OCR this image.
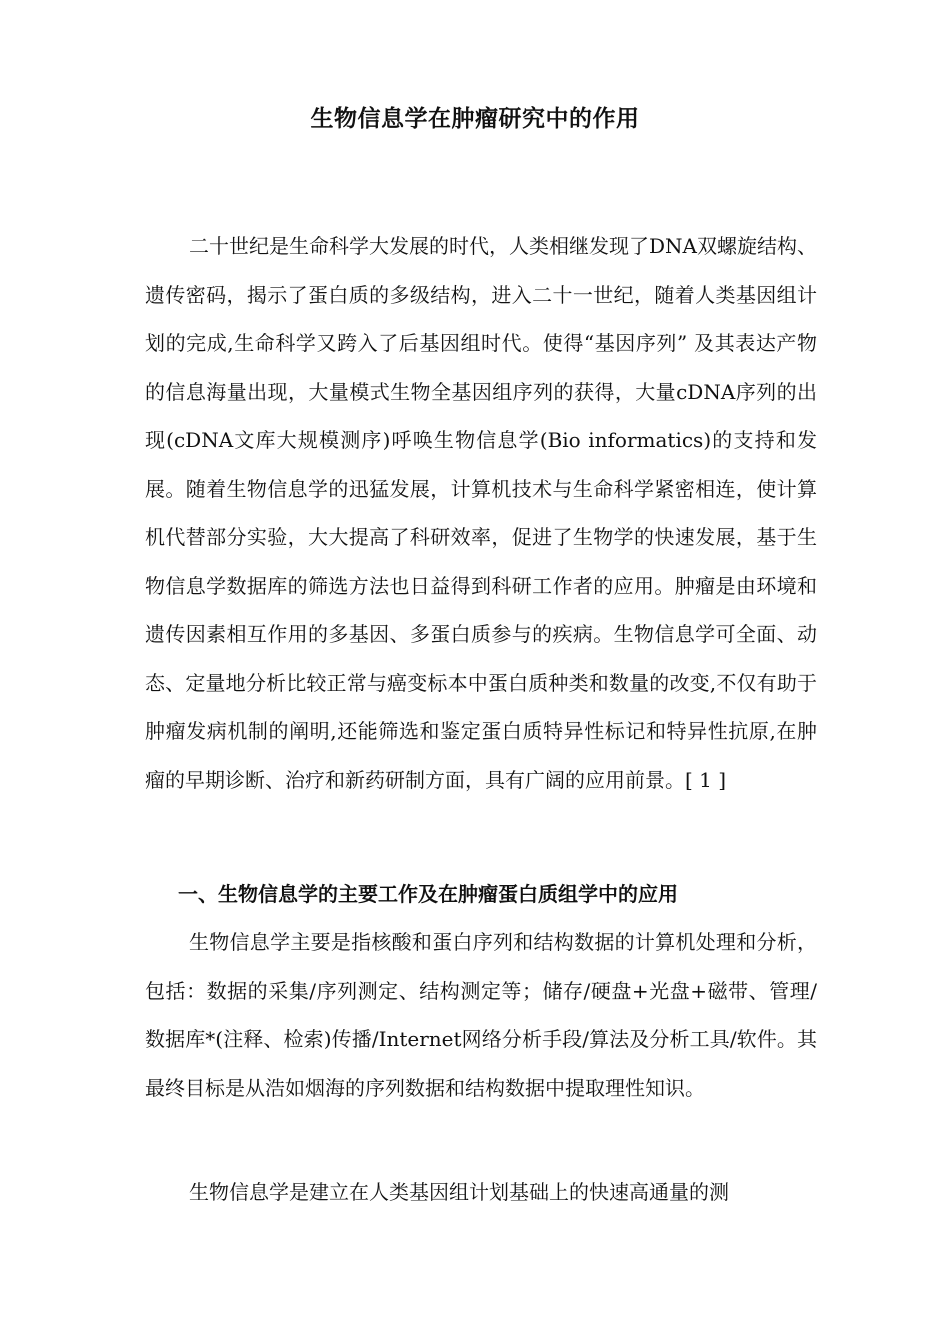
生物信息学在肿瘤研究中的作用

二十世纪是生命科学大发展的时代，人类相继发现了DNA双螺旋结构、遗传密码，揭示了蛋白质的多级结构，进入二十一世纪，随着人类基因组计划的完成,生命科学又跨入了后基因组时代。使得“基因序列” 及其表达产物的信息海量出现，大量模式生物全基因组序列的获得，大量cDNA序列的出现(cDNA文库大规模测序)呼唤生物信息学(Bio informatics)的支持和发展。随着生物信息学的迅猛发展，计算机技术与生命科学紧密相连，使计算机代替部分实验，大大提高了科研效率，促进了生物学的快速发展，基于生物信息学数据库的筛选方法也日益得到科研工作者的应用。肿瘤是由环境和遗传因素相互作用的多基因、多蛋白质参与的疾病。生物信息学可全面、动态、定量地分析比较正常与癌变标本中蛋白质种类和数量的改变,不仅有助于肿瘤发病机制的阐明,还能筛选和鉴定蛋白质特异性标记和特异性抗原,在肿瘤的早期诊断、治疗和新药研制方面，具有广阔的应用前景。[ 1 ]

一、生物信息学的主要工作及在肿瘤蛋白质组学中的应用

生物信息学主要是指核酸和蛋白序列和结构数据的计算机处理和分析，包括：数据的采集/序列测定、结构测定等；储存/硬盘+光盘+磁带、管理/数据库*(注释、检索)传播/Internet网络分析手段/算法及分析工具/软件。其最终目标是从浩如烟海的序列数据和结构数据中提取理性知识。

生物信息学是建立在人类基因组计划基础上的快速高通量的测
